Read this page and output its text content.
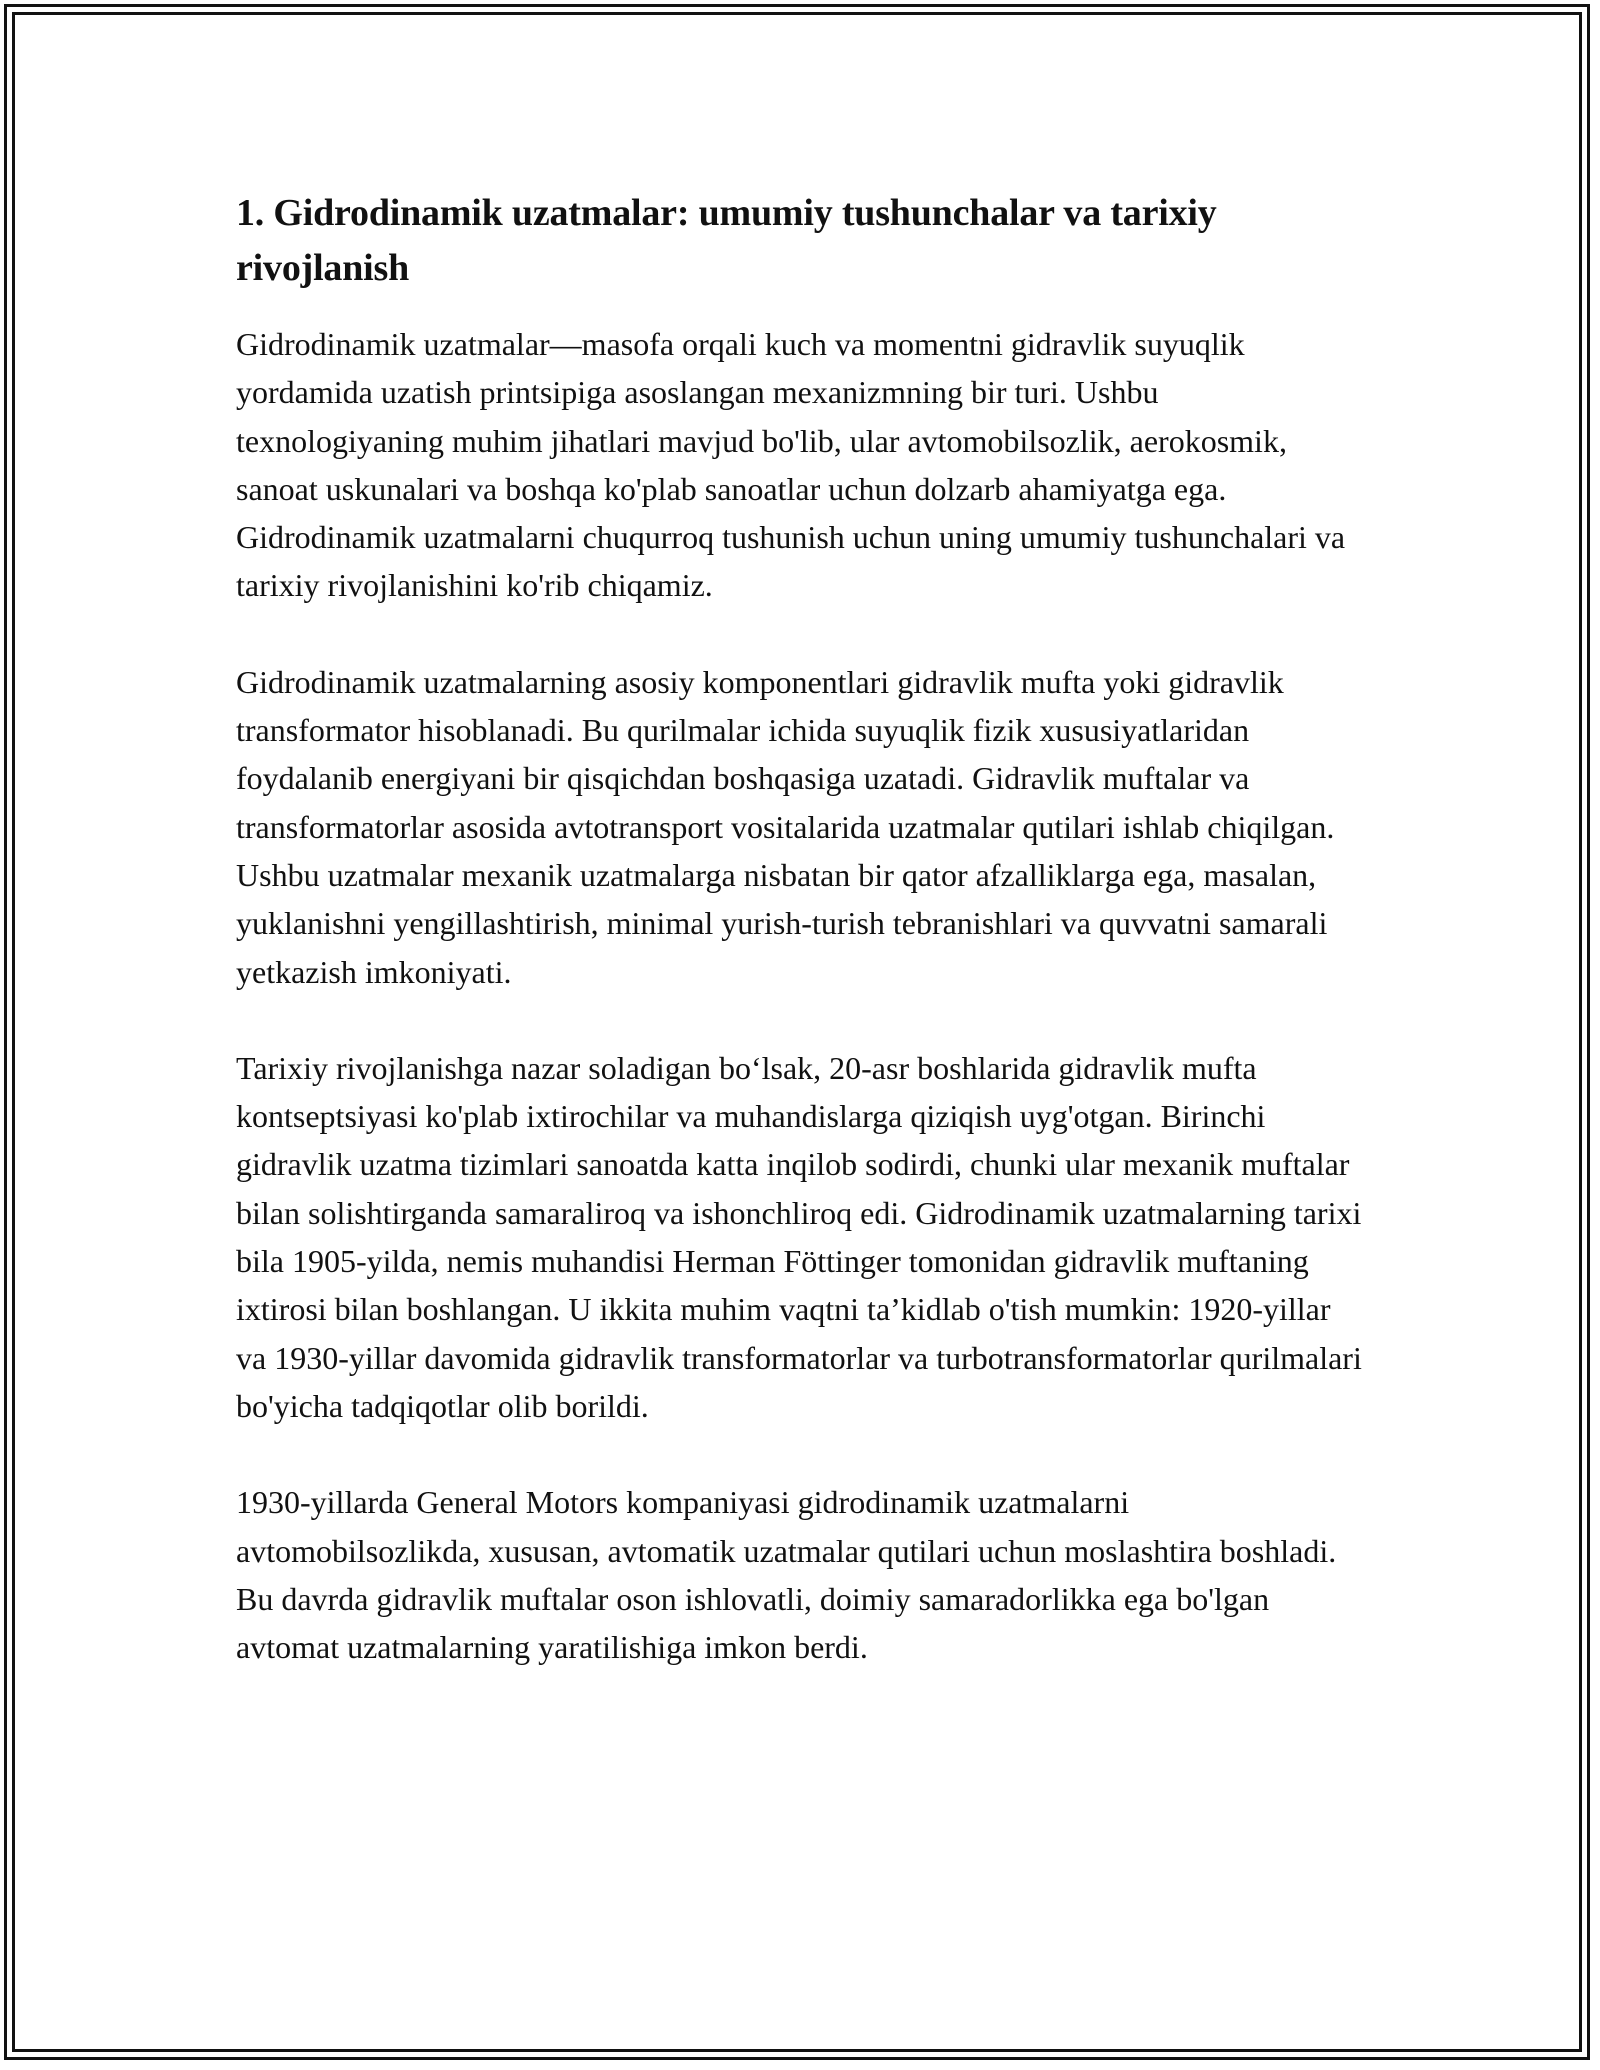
1. Gidrodinamik uzatmalar: umumiy tushunchalar va tarixiy rivojlanish

Gidrodinamik uzatmalar—masofa orqali kuch va momentni gidravlik suyuqlik yordamida uzatish printsipiga asoslangan mexanizmning bir turi. Ushbu texnologiyaning muhim jihatlari mavjud bo'lib, ular avtomobilsozlik, aerokosmik, sanoat uskunalari va boshqa ko'plab sanoatlar uchun dolzarb ahamiyatga ega. Gidrodinamik uzatmalarni chuqurroq tushunish uchun uning umumiy tushunchalari va tarixiy rivojlanishini ko'rib chiqamiz.

Gidrodinamik uzatmalarning asosiy komponentlari gidravlik mufta yoki gidravlik transformator hisoblanadi. Bu qurilmalar ichida suyuqlik fizik xususiyatlaridan foydalanib energiyani bir qisqichdan boshqasiga uzatadi. Gidravlik muftalar va transformatorlar asosida avtotransport vositalarida uzatmalar qutilari ishlab chiqilgan. Ushbu uzatmalar mexanik uzatmalarga nisbatan bir qator afzalliklarga ega, masalan, yuklanishni yengillashtirish, minimal yurish-turish tebranishlari va quvvatni samarali yetkazish imkoniyati.

Tarixiy rivojlanishga nazar soladigan bo‘lsak, 20-asr boshlarida gidravlik mufta kontseptsiyasi ko'plab ixtirochilar va muhandislarga qiziqish uyg'otgan. Birinchi gidravlik uzatma tizimlari sanoatda katta inqilob sodirdi, chunki ular mexanik muftalar bilan solishtirganda samaraliroq va ishonchliroq edi. Gidrodinamik uzatmalarning tarixi bila 1905-yilda, nemis muhandisi Herman Föttinger tomonidan gidravlik muftaning ixtirosi bilan boshlangan. U ikkita muhim vaqtni ta’kidlab o'tish mumkin: 1920-yillar va 1930-yillar davomida gidravlik transformatorlar va turbotransformatorlar qurilmalari bo'yicha tadqiqotlar olib borildi.

1930-yillarda General Motors kompaniyasi gidrodinamik uzatmalarni avtomobilsozlikda, xususan, avtomatik uzatmalar qutilari uchun moslashtira boshladi. Bu davrda gidravlik muftalar oson ishlovatli, doimiy samaradorlikka ega bo'lgan avtomat uzatmalarning yaratilishiga imkon berdi.
